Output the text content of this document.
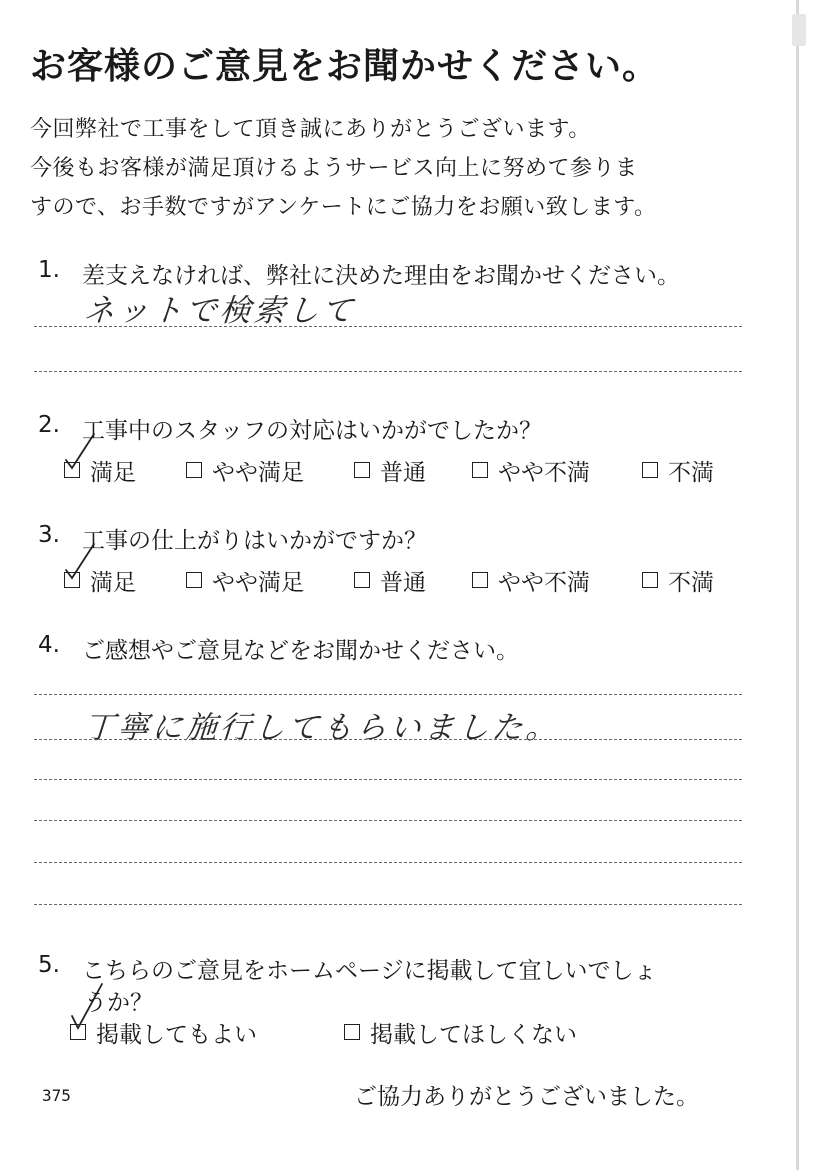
お客様のご意見をお聞かせください。
今回弊社で工事をして頂き誠にありがとうございます。
今後もお客様が満足頂けるようサービス向上に努めて参りま
すので、お手数ですがアンケートにご協力をお願い致します。
1. 差支えなければ、弊社に決めた理由をお聞かせください。
ネットで検索して
2. 工事中のスタッフの対応はいかがでしたか？
満足	やや満足	普通	やや不満	不満
3. 工事の仕上がりはいかがですか？
満足	やや満足	普通	やや不満	不満
4. ご感想やご意見などをお聞かせください。
丁寧に施行してもらいました。
5. こちらのご意見をホームページに掲載して宜しいでしょ
うか？
掲載してもよい	掲載してほしくない
375	ご協力ありがとうございました。
